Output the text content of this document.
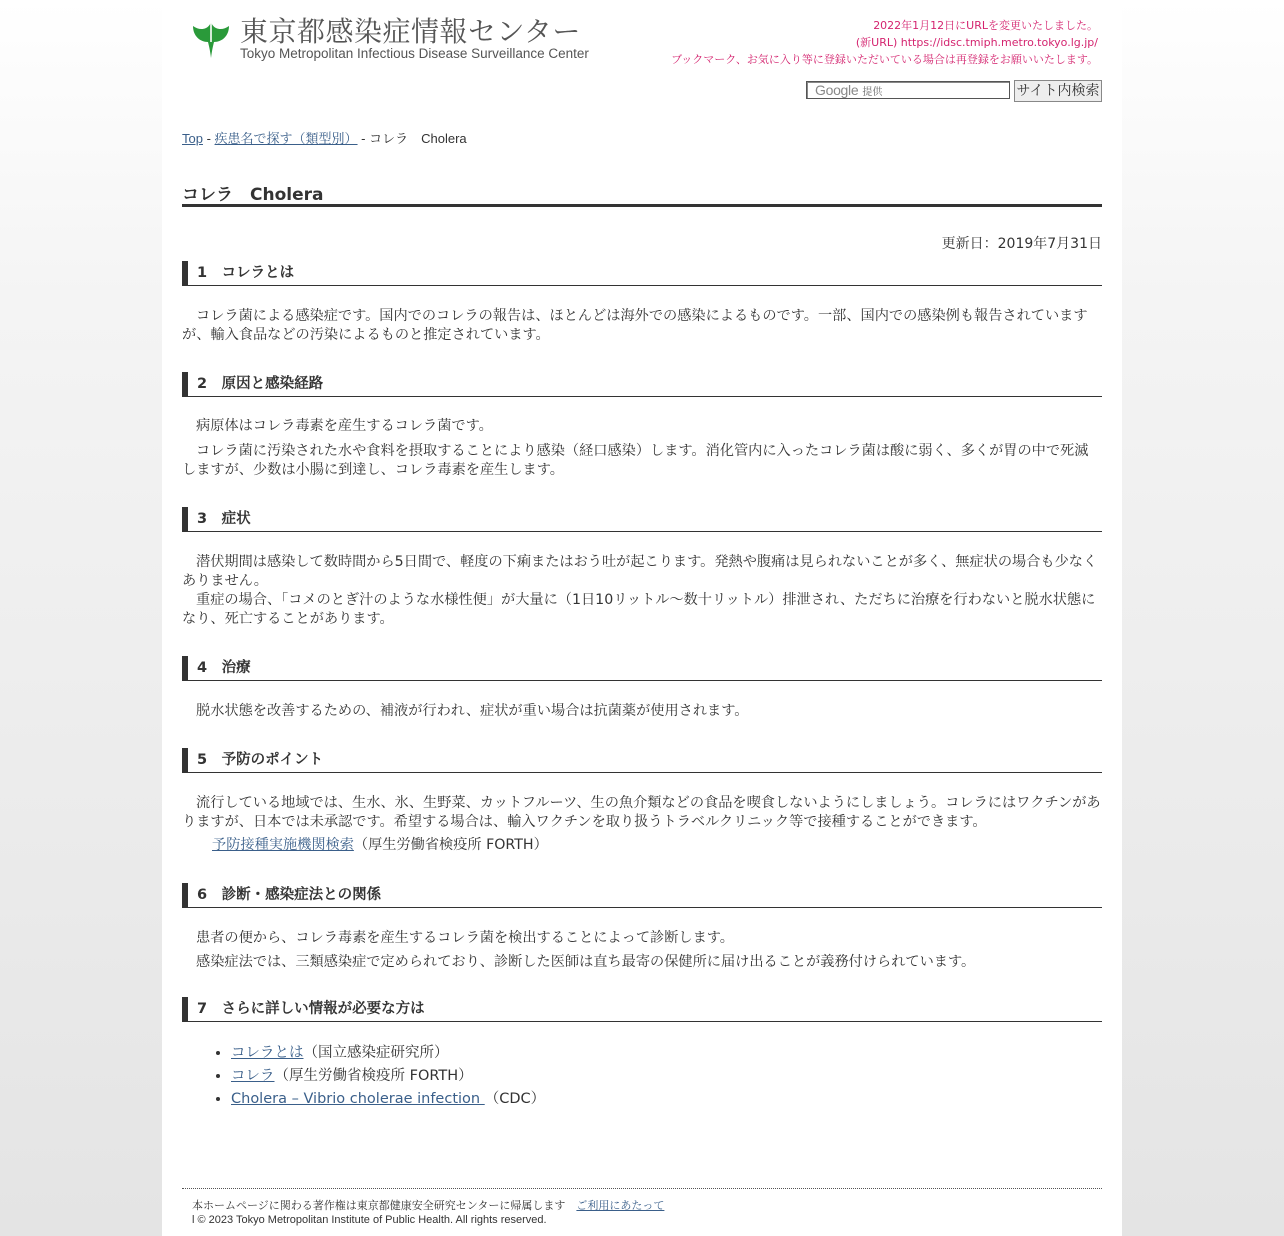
東京都感染症情報センター
Tokyo Metropolitan Infectious Disease Surveillance Center
2022年1月12日にURLを変更いたしました。
(新URL) https://idsc.tmiph.metro.tokyo.lg.jp/
ブックマーク、お気に入り等に登録いただいている場合は再登録をお願いいたします。
Google 提供	サイト内検索
Top - 疾患名で探す（類型別） - コレラ　Cholera
コレラ　Cholera
更新日：2019年7月31日
1　コレラとは
コレラ菌による感染症です。国内でのコレラの報告は、ほとんどは海外での感染によるものです。一部、国内での感染例も報告されていますが、輸入食品などの汚染によるものと推定されています。
2　原因と感染経路
病原体はコレラ毒素を産生するコレラ菌です。
コレラ菌に汚染された水や食料を摂取することにより感染（経口感染）します。消化管内に入ったコレラ菌は酸に弱く、多くが胃の中で死滅しますが、少数は小腸に到達し、コレラ毒素を産生します。
3　症状
潜伏期間は感染して数時間から5日間で、軽度の下痢またはおう吐が起こります。発熱や腹痛は見られないことが多く、無症状の場合も少なくありません。
重症の場合、「コメのとぎ汁のような水様性便」が大量に（1日10リットル～数十リットル）排泄され、ただちに治療を行わないと脱水状態になり、死亡することがあります。
4　治療
脱水状態を改善するための、補液が行われ、症状が重い場合は抗菌薬が使用されます。
5　予防のポイント
流行している地域では、生水、氷、生野菜、カットフルーツ、生の魚介類などの食品を喫食しないようにしましょう。コレラにはワクチンがありますが、日本では未承認です。希望する場合は、輸入ワクチンを取り扱うトラベルクリニック等で接種することができます。
予防接種実施機関検索（厚生労働省検疫所 FORTH）
6　診断・感染症法との関係
患者の便から、コレラ毒素を産生するコレラ菌を検出することによって診断します。
感染症法では、三類感染症で定められており、診断した医師は直ち最寄の保健所に届け出ることが義務付けられています。
7　さらに詳しい情報が必要な方は
• コレラとは（国立感染症研究所）
• コレラ（厚生労働省検疫所 FORTH）
• Cholera – Vibrio cholerae infection （CDC）
本ホームページに関わる著作権は東京都健康安全研究センターに帰属します ご利用にあたって
l © 2023 Tokyo Metropolitan Institute of Public Health. All rights reserved.
